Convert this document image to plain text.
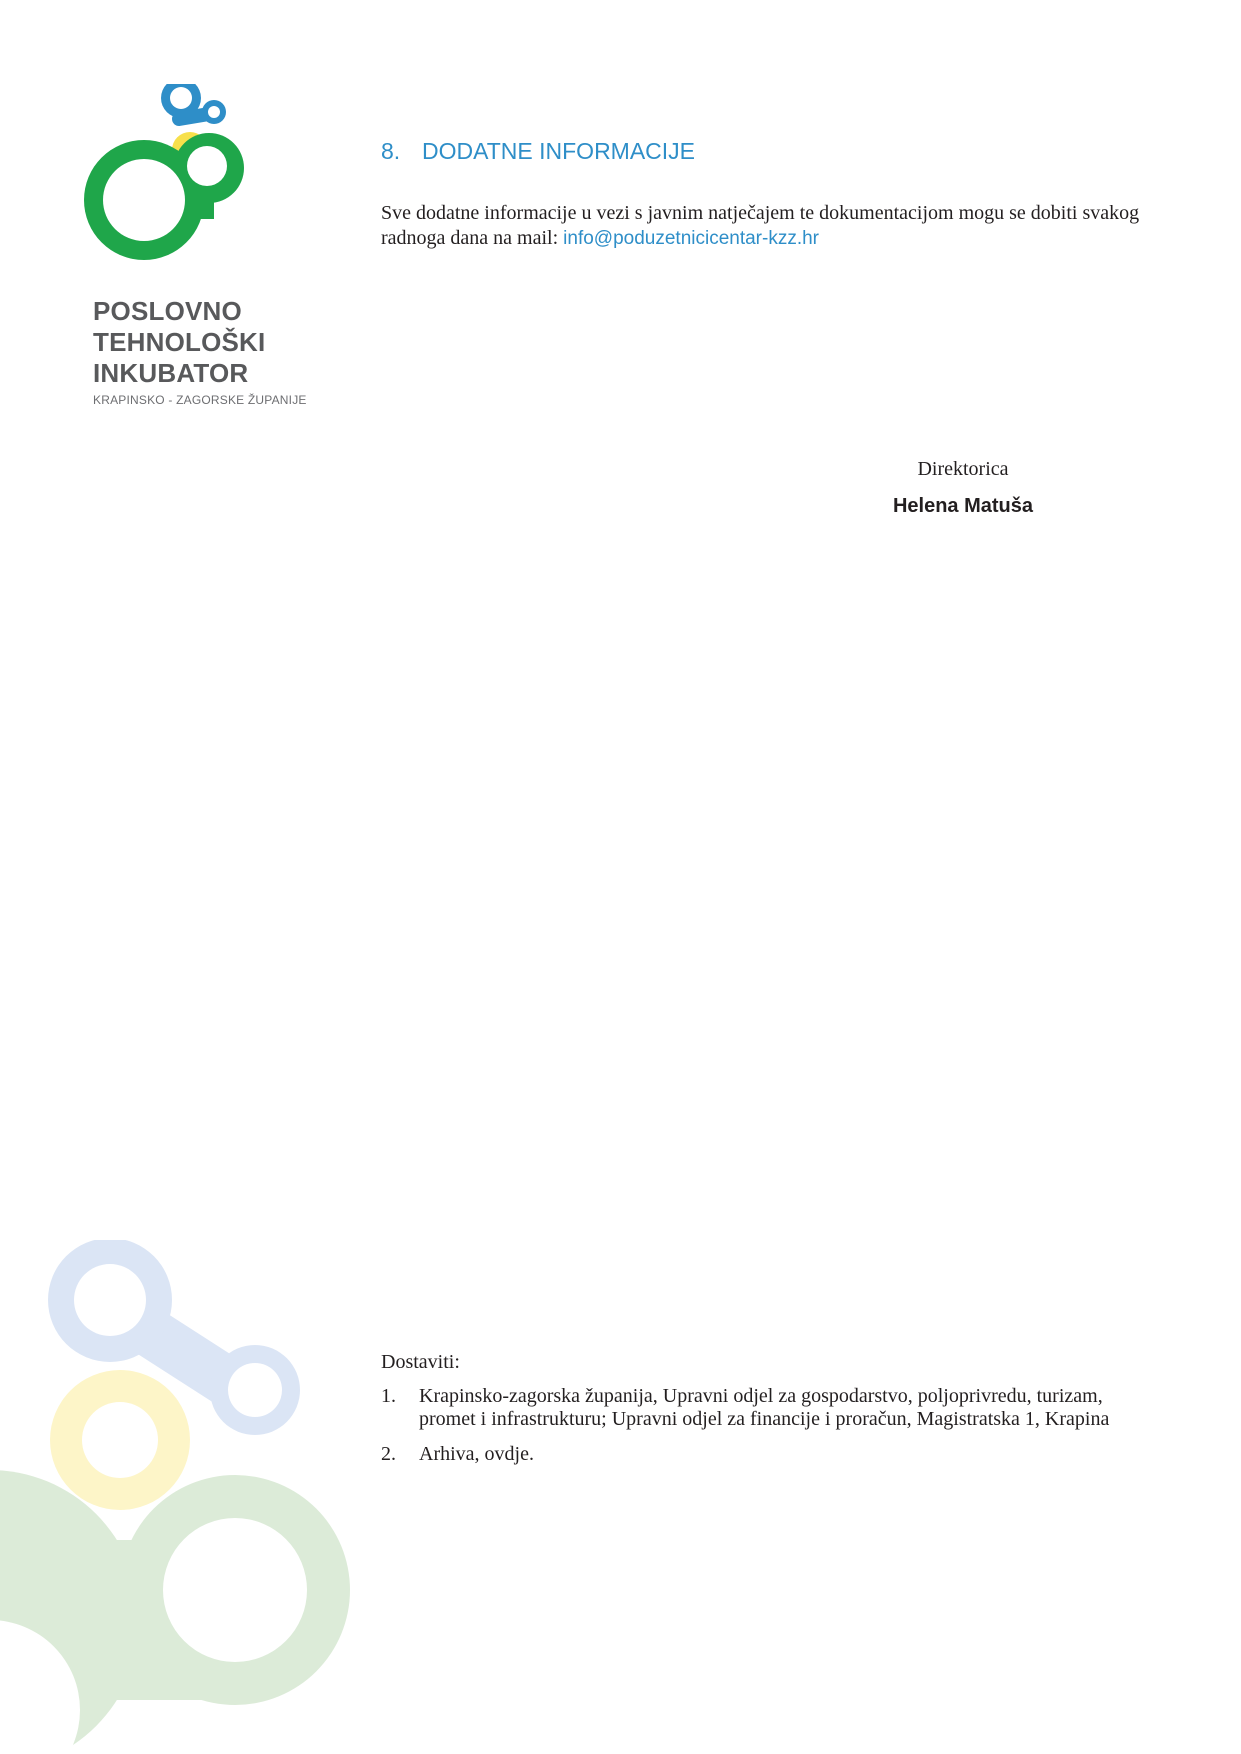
POSLOVNO
TEHNOLOŠKI
INKUBATOR
KRAPINSKO - ZAGORSKE ŽUPANIJE
8. DODATNE INFORMACIJE
Sve dodatne informacije u vezi s javnim natječajem te dokumentacijom mogu se dobiti svakog radnoga dana na mail: info@poduzetnicicentar-kzz.hr
Direktorica
Helena Matuša
Dostaviti:
1.	Krapinsko-zagorska županija, Upravni odjel za gospodarstvo, poljoprivredu, turizam, promet i infrastrukturu; Upravni odjel za financije i proračun, Magistratska 1, Krapina
2.	Arhiva, ovdje.
